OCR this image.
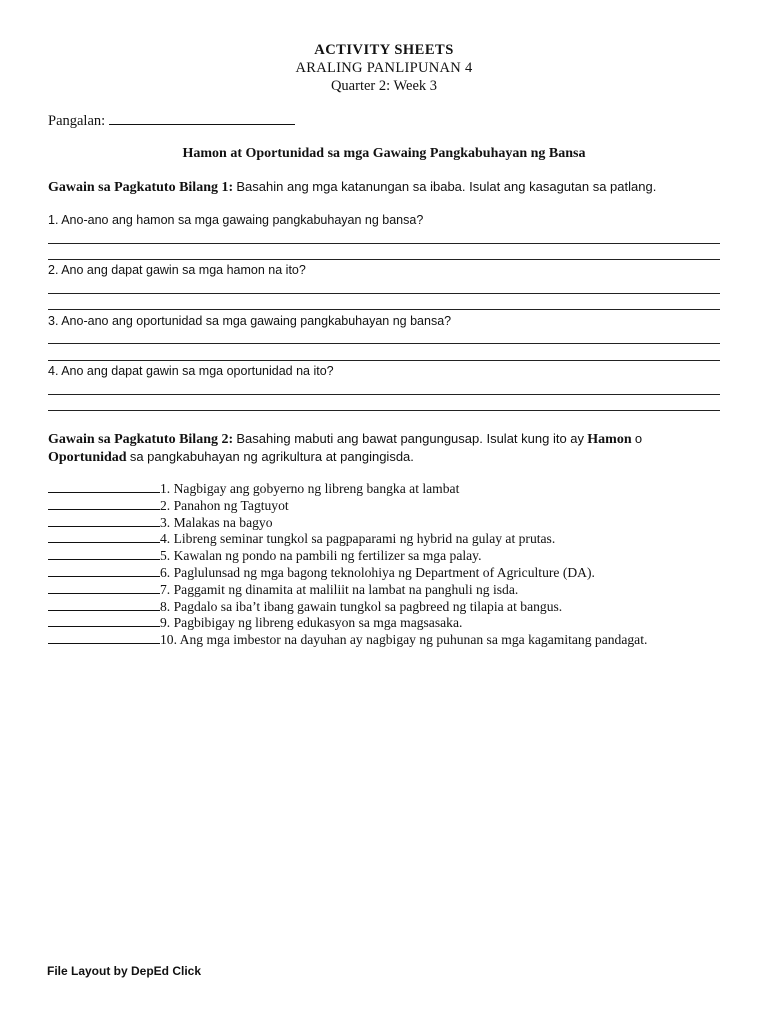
ACTIVITY SHEETS
ARALING PANLIPUNAN 4
Quarter 2: Week 3
Pangalan:
Hamon at Oportunidad sa mga Gawaing Pangkabuhayan ng Bansa
Gawain sa Pagkatuto Bilang 1: Basahin ang mga katanungan sa ibaba. Isulat ang kasagutan sa patlang.
1. Ano-ano ang hamon sa mga gawaing pangkabuhayan ng bansa?
2. Ano ang dapat gawin sa mga hamon na ito?
3. Ano-ano ang oportunidad sa mga gawaing pangkabuhayan ng bansa?
4. Ano ang dapat gawin sa mga oportunidad na ito?
Gawain sa Pagkatuto Bilang 2: Basahing mabuti ang bawat pangungusap. Isulat kung ito ay Hamon o
Oportunidad sa pangkabuhayan ng agrikultura at pangingisda.
1. Nagbigay ang gobyerno ng libreng bangka at lambat
2. Panahon ng Tagtuyot
3. Malakas na bagyo
4. Libreng seminar tungkol sa pagpaparami ng hybrid na gulay at prutas.
5. Kawalan ng pondo na pambili ng fertilizer sa mga palay.
6. Paglulunsad ng mga bagong teknolohiya ng Department of Agriculture (DA).
7. Paggamit ng dinamita at maliliit na lambat na panghuli ng isda.
8. Pagdalo sa iba’t ibang gawain tungkol sa pagbreed ng tilapia at bangus.
9. Pagbibigay ng libreng edukasyon sa mga magsasaka.
10. Ang mga imbestor na dayuhan ay nagbigay ng puhunan sa mga kagamitang pandagat.
File Layout by DepEd Click
